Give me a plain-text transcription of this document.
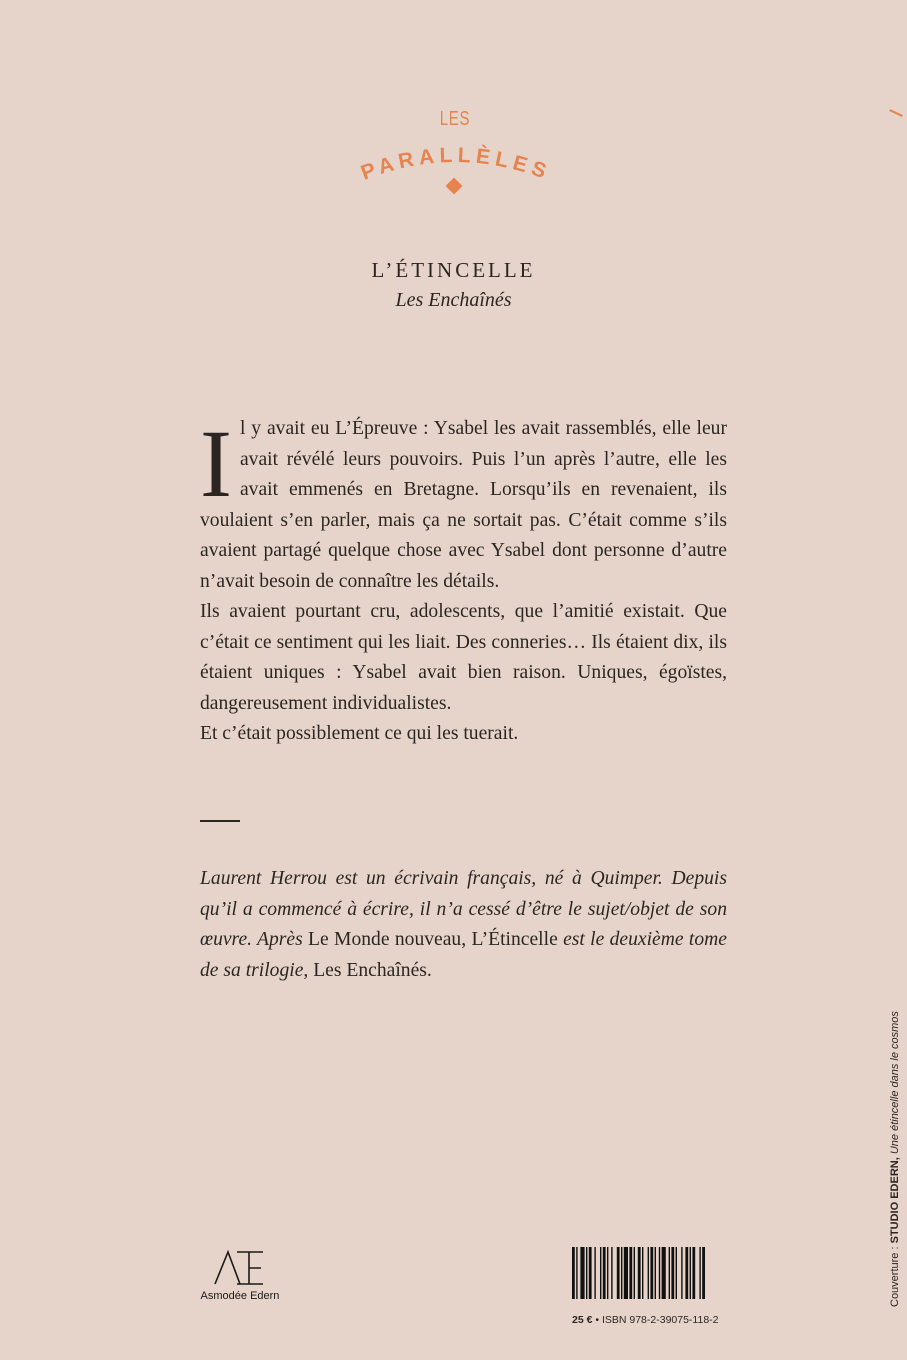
LES
PARALLÈLES
L’ÉTINCELLE
Les Enchaînés

Il y avait eu L’Épreuve : Ysabel les avait rassemblés, elle leur avait révélé leurs pouvoirs. Puis l’un après l’autre, elle les avait emmenés en Bretagne. Lorsqu’ils en revenaient, ils voulaient s’en parler, mais ça ne sortait pas. C’était comme s’ils avaient partagé quelque chose avec Ysabel dont personne d’autre n’avait besoin de connaître les détails.

Ils avaient pourtant cru, adolescents, que l’amitié existait. Que c’était ce sentiment qui les liait. Des conneries… Ils étaient dix, ils étaient uniques : Ysabel avait bien raison. Uniques, égoïstes, dangereusement individualistes.

Et c’était possiblement ce qui les tuerait.

Laurent Herrou est un écrivain français, né à Quimper. Depuis qu’il a commencé à écrire, il n’a cessé d’être le sujet/objet de son œuvre. Après Le Monde nouveau, L’Étincelle est le deuxième tome de sa trilogie, Les Enchaînés.
Couverture : STUDIO EDERN, Une étincelle dans le cosmos
Asmodée Edern
25 € • ISBN 978-2-39075-118-2
